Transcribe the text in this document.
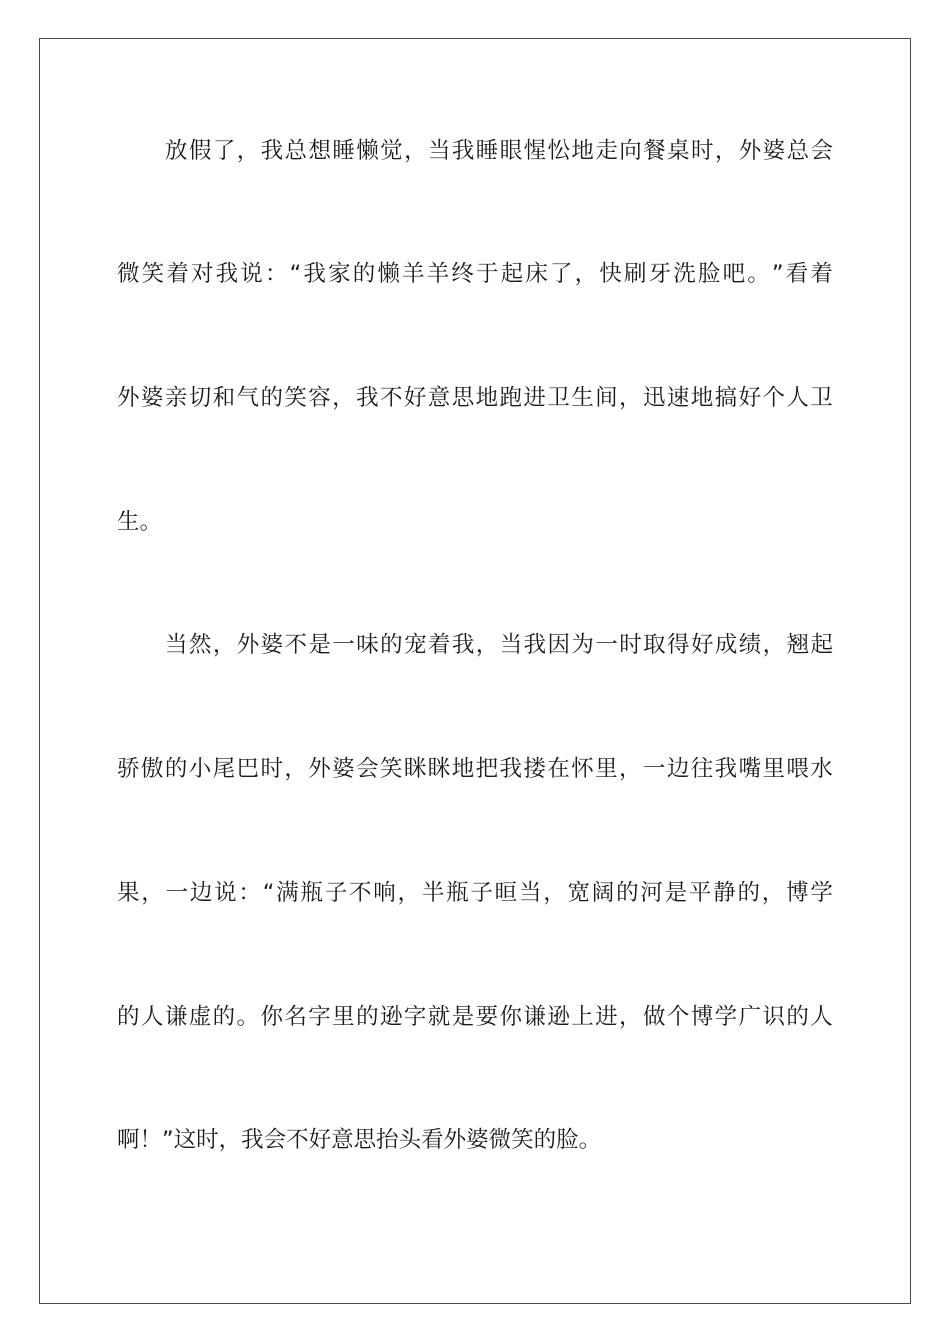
放 假 了 ， 我 总 想 睡 懒 觉 ， 当 我 睡 眼 惺 忪 地 走 向 餐 桌 时 ， 外 婆 总 会
微 笑 着 对 我 说 ： “ 我 家 的 懒 羊 羊 终 于 起 床 了 ， 快 刷 牙 洗 脸 吧 。 ” 看 着
外 婆 亲 切 和 气 的 笑 容 ， 我 不 好 意 思 地 跑 进 卫 生 间 ， 迅 速 地 搞 好 个 人 卫
生。
当 然 ， 外 婆 不 是 一 味 的 宠 着 我 ， 当 我 因 为 一 时 取 得 好 成 绩 ， 翘 起
骄 傲 的 小 尾 巴 时 ， 外 婆 会 笑 眯 眯 地 把 我 搂 在 怀 里 ， 一 边 往 我 嘴 里 喂 水
果 ， 一 边 说 ： “ 满 瓶 子 不 响 ， 半 瓶 子 晅 当 ， 宽 阔 的 河 是 平 静 的 ， 博 学
的 人 谦 虚 的 。 你 名 字 里 的 逊 字 就 是 要 你 谦 逊 上 进 ， 做 个 博 学 广 识 的 人
啊！”这时，我会不好意思抬头看外婆微笑的脸。
